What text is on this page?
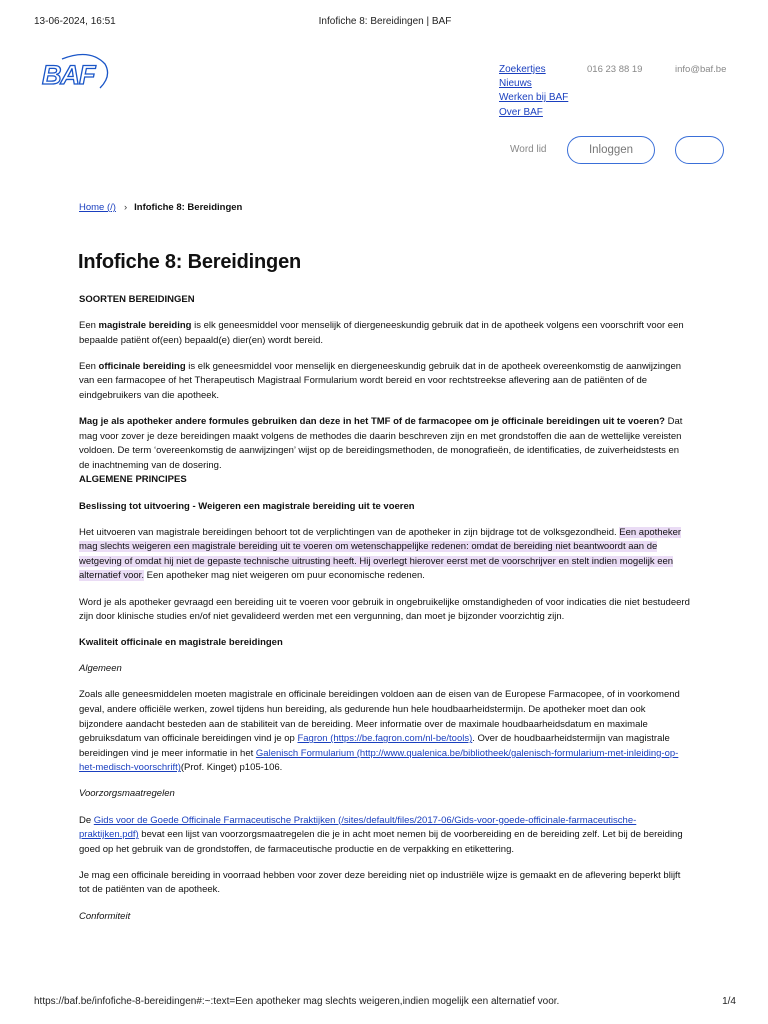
13-06-2024, 16:51	Infofiche 8: Bereidingen | BAF
BAF	Zoekertjes
Nieuws
Werken bij BAF
Over BAF
016 23 88 19	info@baf.be
Word lid	Inloggen
Home (/) › Infofiche 8: Bereidingen
Infofiche 8: Bereidingen

SOORTEN BEREIDINGEN

Een magistrale bereiding is elk geneesmiddel voor menselijk of diergeneeskundig gebruik dat in de apotheek volgens een voorschrift voor een bepaalde patiënt of(een) bepaald(e) dier(en) wordt bereid.

Een officinale bereiding is elk geneesmiddel voor menselijk en diergeneeskundig gebruik dat in de apotheek overeenkomstig de aanwijzingen van een farmacopee of het Therapeutisch Magistraal Formularium wordt bereid en voor rechtstreekse aflevering aan de patiënten of de eindgebruikers van die apotheek.

Mag je als apotheker andere formules gebruiken dan deze in het TMF of de farmacopee om je officinale bereidingen uit te voeren? Dat mag voor zover je deze bereidingen maakt volgens de methodes die daarin beschreven zijn en met grondstoffen die aan de wettelijke vereisten voldoen. De term ‘overeenkomstig de aanwijzingen’ wijst op de bereidingsmethoden, de monografieën, de identificaties, de zuiverheidstests en de inachtneming van de dosering.

ALGEMENE PRINCIPES

Beslissing tot uitvoering - Weigeren een magistrale bereiding uit te voeren

Het uitvoeren van magistrale bereidingen behoort tot de verplichtingen van de apotheker in zijn bijdrage tot de volksgezondheid. Een apotheker mag slechts weigeren een magistrale bereiding uit te voeren om wetenschappelijke redenen: omdat de bereiding niet beantwoordt aan de wetgeving of omdat hij niet de gepaste technische uitrusting heeft. Hij overlegt hierover eerst met de voorschrijver en stelt indien mogelijk een alternatief voor. Een apotheker mag niet weigeren om puur economische redenen.

Word je als apotheker gevraagd een bereiding uit te voeren voor gebruik in ongebruikelijke omstandigheden of voor indicaties die niet bestudeerd zijn door klinische studies en/of niet gevalideerd werden met een vergunning, dan moet je bijzonder voorzichtig zijn.

Kwaliteit officinale en magistrale bereidingen

Algemeen

Zoals alle geneesmiddelen moeten magistrale en officinale bereidingen voldoen aan de eisen van de Europese Farmacopee, of in voorkomend geval, andere officiële werken, zowel tijdens hun bereiding, als gedurende hun hele houdbaarheidstermijn. De apotheker moet dan ook bijzondere aandacht besteden aan de stabiliteit van de bereiding. Meer informatie over de maximale houdbaarheidsdatum en maximale gebruiksdatum van officinale bereidingen vind je op Fagron (https://be.fagron.com/nl-be/tools). Over de houdbaarheidstermijn van magistrale bereidingen vind je meer informatie in het Galenisch Formularium (http://www.qualenica.be/bibliotheek/galenisch-formularium-met-inleiding-op-het-medisch-voorschrift)(Prof. Kinget) p105-106.

Voorzorgsmaatregelen

De Gids voor de Goede Officinale Farmaceutische Praktijken (/sites/default/files/2017-06/Gids-voor-goede-officinale-farmaceutische-praktijken.pdf) bevat een lijst van voorzorgsmaatregelen die je in acht moet nemen bij de voorbereiding en de bereiding zelf. Let bij de bereiding goed op het gebruik van de grondstoffen, de farmaceutische productie en de verpakking en etikettering.

Je mag een officinale bereiding in voorraad hebben voor zover deze bereiding niet op industriële wijze is gemaakt en de aflevering beperkt blijft tot de patiënten van de apotheek.

Conformiteit

https://baf.be/infofiche-8-bereidingen#:~:text=Een apotheker mag slechts weigeren,indien mogelijk een alternatief voor.	1/4
